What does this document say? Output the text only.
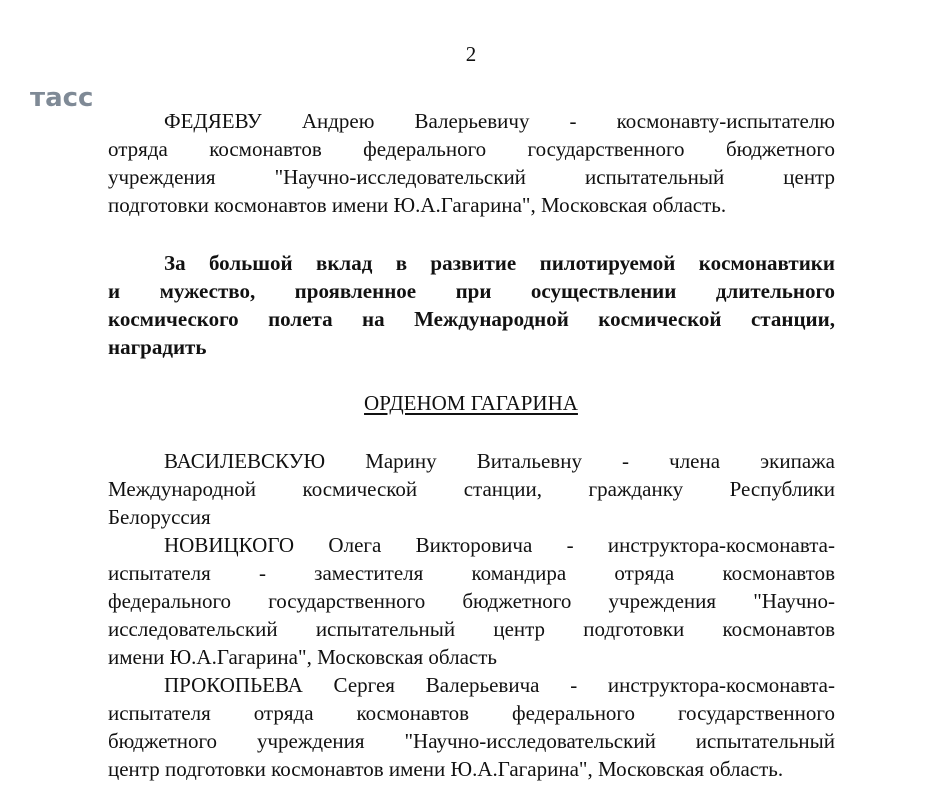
2
тасс
ФЕДЯЕВУ Андрею Валерьевичу - космонавту-испытателю
отряда космонавтов федерального государственного бюджетного
учреждения "Научно-исследовательский испытательный центр
подготовки космонавтов имени Ю.А.Гагарина", Московская область.
За большой вклад в развитие пилотируемой космонавтики
и мужество, проявленное при осуществлении длительного
космического полета на Международной космической станции,
наградить
ОРДЕНОМ ГАГАРИНА
ВАСИЛЕВСКУЮ Марину Витальевну - члена экипажа
Международной космической станции, гражданку Республики
Белоруссия
НОВИЦКОГО Олега Викторовича - инструктора-космонавта-
испытателя - заместителя командира отряда космонавтов
федерального государственного бюджетного учреждения "Научно-
исследовательский испытательный центр подготовки космонавтов
имени Ю.А.Гагарина", Московская область
ПРОКОПЬЕВА Сергея Валерьевича - инструктора-космонавта-
испытателя отряда космонавтов федерального государственного
бюджетного учреждения "Научно-исследовательский испытательный
центр подготовки космонавтов имени Ю.А.Гагарина", Московская область.
